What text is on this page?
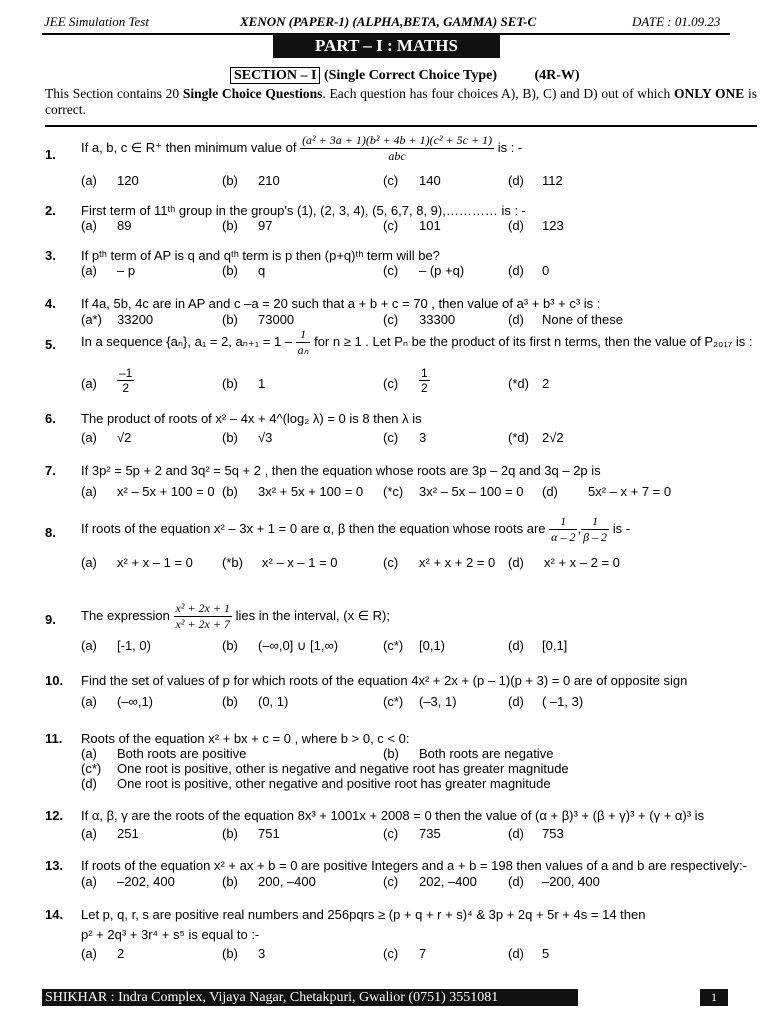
JEE Simulation Test	XENON (PAPER-1) (ALPHA,BETA, GAMMA) SET-C	DATE : 01.09.23
PART – I : MATHS
SECTION – I (Single Correct Choice Type)	(4R-W)
This Section contains 20 Single Choice Questions. Each question has four choices A), B), C) and D) out of which ONLY ONE is correct.
1. If a, b, c ∈ R⁺ then minimum value of $\frac{\text{(a² + 3a + 1)(b² + 4b + 1)(c² + 5c + 1)}}{\text{abc}}$ is : -
(a) 120	(b) 210	(c) 140	(d) 112
2. First term of 11ᵗʰ group in the group's (1), (2, 3, 4), (5, 6,7, 8, 9),………… is : -
(a) 89	(b) 97	(c) 101	(d) 123
3. If pᵗʰ term of AP is q and qᵗʰ term is p then (p+q)ᵗʰ term will be?
(a) – p	(b) q	(c) – (p +q)	(d) 0
4. If 4a, 5b, 4c are in AP and c –a = 20 such that a + b + c = 70 , then value of a³ + b³ + c³ is :
(a*) 33200	(b) 73000	(c) 33300	(d) None of these
5. In a sequence {aₙ}, a₁ = 2, $a_{n+1} = 1 - \frac{1}{\text{aₙ}}$ for n ≥ 1 . Let Pₙ be the product of its first n terms, then the value of P₂₀₁₇ is :
$(a) \frac{-1}{2}$	(b) 1	$(c) \frac{1}{2}$	(*d) 2
6. The product of roots of x² – 4x + 4^(log₂ λ) = 0 is 8 then λ is
(a) √2	(b) √3	(c) 3	(*d) 2√2
7. If 3p² = 5p + 2 and 3q² = 5q + 2 , then the equation whose roots are 3p – 2q and 3q – 2p is
(a) x² – 5x + 100 = 0 (b) 3x² + 5x + 100 = 0 (*c) 3x² – 5x – 100 = 0 (d) 5x² – x + 7 = 0
8. If roots of the equation x² – 3x + 1 = 0 are α, β then the equation whose roots are $\frac{1}{\alpha - 2}$ , $\frac{1}{\beta - 2}$ is -
(a) x² + x – 1 = 0 (*b) x² – x – 1 = 0	(c) x² + x + 2 = 0 (d) x² + x – 2 = 0
9. The expression $\frac{\text{x² + 2x + 1}}{\text{x² + 2x + 7}}$ lies in the interval, (x ∈ R);
(a) [-1, 0)	(b) (–∞,0] ∪ [1,∞)	(c*) [0,1)	(d) [0,1]
10. Find the set of values of p for which roots of the equation 4x² + 2x + (p – 1)(p + 3) = 0 are of opposite sign
(a) (–∞,1)	(b) (0, 1)	(c*) (–3, 1)	(d) ( –1, 3)
11. Roots of the equation x² + bx + c = 0 , where b > 0, c < 0:
(a) Both roots are positive	(b) Both roots are negative
(c*) One root is positive, other is negative and negative root has greater magnitude
(d) One root is positive, other negative and positive root has greater magnitude
12. If α, β, γ are the roots of the equation 8x³ + 1001x + 2008 = 0 then the value of (α + β)³ + (β + γ)³ + (γ + α)³ is
(a) 251	(b) 751	(c) 735	(d) 753
13. If roots of the equation x² + ax + b = 0 are positive Integers and a + b = 198 then values of a and b are respectively:-
(a) –202, 400	(b) 200, –400	(c) 202, –400 (d) –200, 400
14. Let p, q, r, s are positive real numbers and 256pqrs ≥ (p + q + r + s)⁴ & 3p + 2q + 5r + 4s = 14 then
p² + 2q³ + 3r⁴ + s⁵ is equal to :-
(a) 2	(b) 3	(c) 7	(d) 5
SHIKHAR : Indra Complex, Vijaya Nagar, Chetakpuri, Gwalior (0751) 3551081	1
